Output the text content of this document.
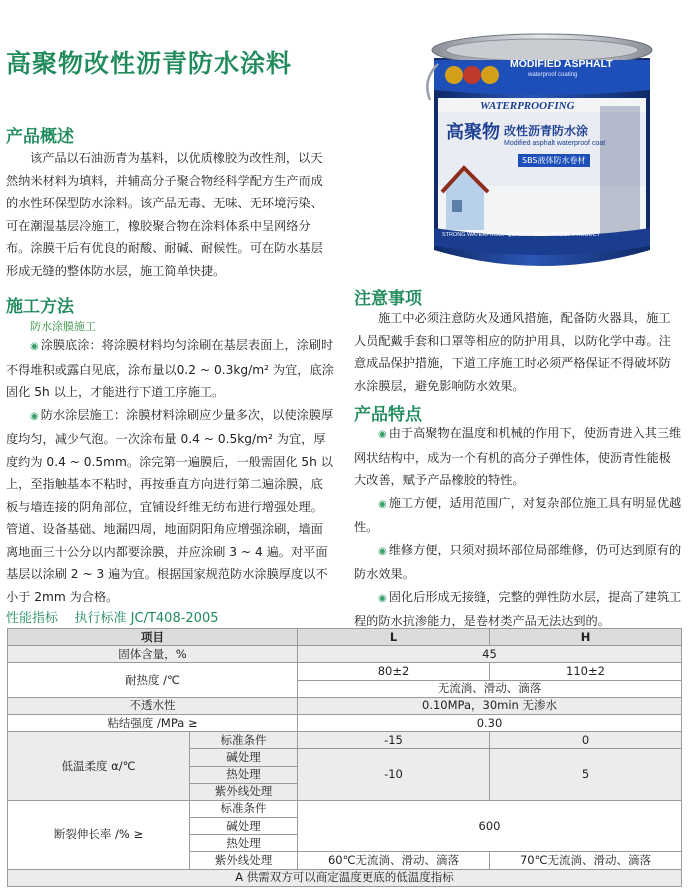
高聚物改性沥青防水涂料
产品概述

该产品以石油沥青为基料，以优质橡胶为改性剂，以天然纳米材料为填料，并辅高分子聚合物经科学配方生产而成的水性环保型防水涂料。该产品无毒、无味、无环境污染、可在潮湿基层冷施工，橡胶聚合物在涂料体系中呈网络分布。涂膜干后有优良的耐酸、耐碱、耐候性。可在防水基层形成无缝的整体防水层，施工简单快捷。

MODIFIED ASPHALT
waterproof coating
WATERPROOFING
高聚物 改性沥青防水涂
Modified asphalt waterproof coat
SBS液体防水卷材
STRONG WATERPROOF QUALITY WATERPROOF PRODUCT
施工方法
防水涂膜施工

◉ 涂膜底涂：将涂膜材料均匀涂刷在基层表面上，涂刷时不得堆积或露白见底，涂布量以0.2 ~ 0.3kg/m² 为宜，底涂固化 5h 以上，才能进行下道工序施工。

◉ 防水涂层施工：涂膜材料涂刷应少量多次，以使涂膜厚度均匀，减少气泡。一次涂布量 0.4 ~ 0.5kg/m² 为宜，厚度约为 0.4 ~ 0.5mm。涂完第一遍膜后，一般需固化 5h 以上，至指触基本不粘时，再按垂直方向进行第二遍涂膜，底板与墙连接的阴角部位，宜铺设纤维无纺布进行增强处理。管道、设备基础、地漏四周，地面阴阳角应增强涂刷，墙面离地面三十公分以内都要涂膜，并应涂刷 3 ~ 4 遍。对平面基层以涂刷 2 ~ 3 遍为宜。根据国家规范防水涂膜厚度以不小于 2mm 为合格。

注意事项

施工中必须注意防火及通风措施，配备防火器具，施工人员配戴手套和口罩等相应的防护用具，以防化学中毒。注意成品保护措施，下道工序施工时必须严格保证不得破坏防水涂膜层，避免影响防水效果。

产品特点

◉ 由于高聚物在温度和机械的作用下，使沥青进入其三维网状结构中，成为一个有机的高分子弹性体，使沥青性能极大改善，赋予产品橡胶的特性。

◉ 施工方便，适用范围广，对复杂部位施工具有明显优越性。

◉ 维修方便，只须对损坏部位局部维修，仍可达到原有的防水效果。

◉ 固化后形成无接缝，完整的弹性防水层，提高了建筑工程的防水抗渗能力，是卷材类产品无法达到的。

性能指标 执行标准 JC/T408-2005
项目		L	H
固体含量，%		45	
耐热度 /℃		80±2	110±2
		无流淌、滑动、滴落	
不透水性		0.10MPa，30min 无渗水	
粘结强度 /MPa ≥		0.30	
低温柔度 α/℃	标准条件	-15	0
	碱处理	-10	5
	热处理		
	紫外线处理		
断裂伸长率 /% ≥	标准条件	600	
	碱处理		
	热处理		
	紫外线处理	60℃无流淌、滑动、滴落	70℃无流淌、滑动、滴落
A 供需双方可以商定温度更底的低温度指标			
